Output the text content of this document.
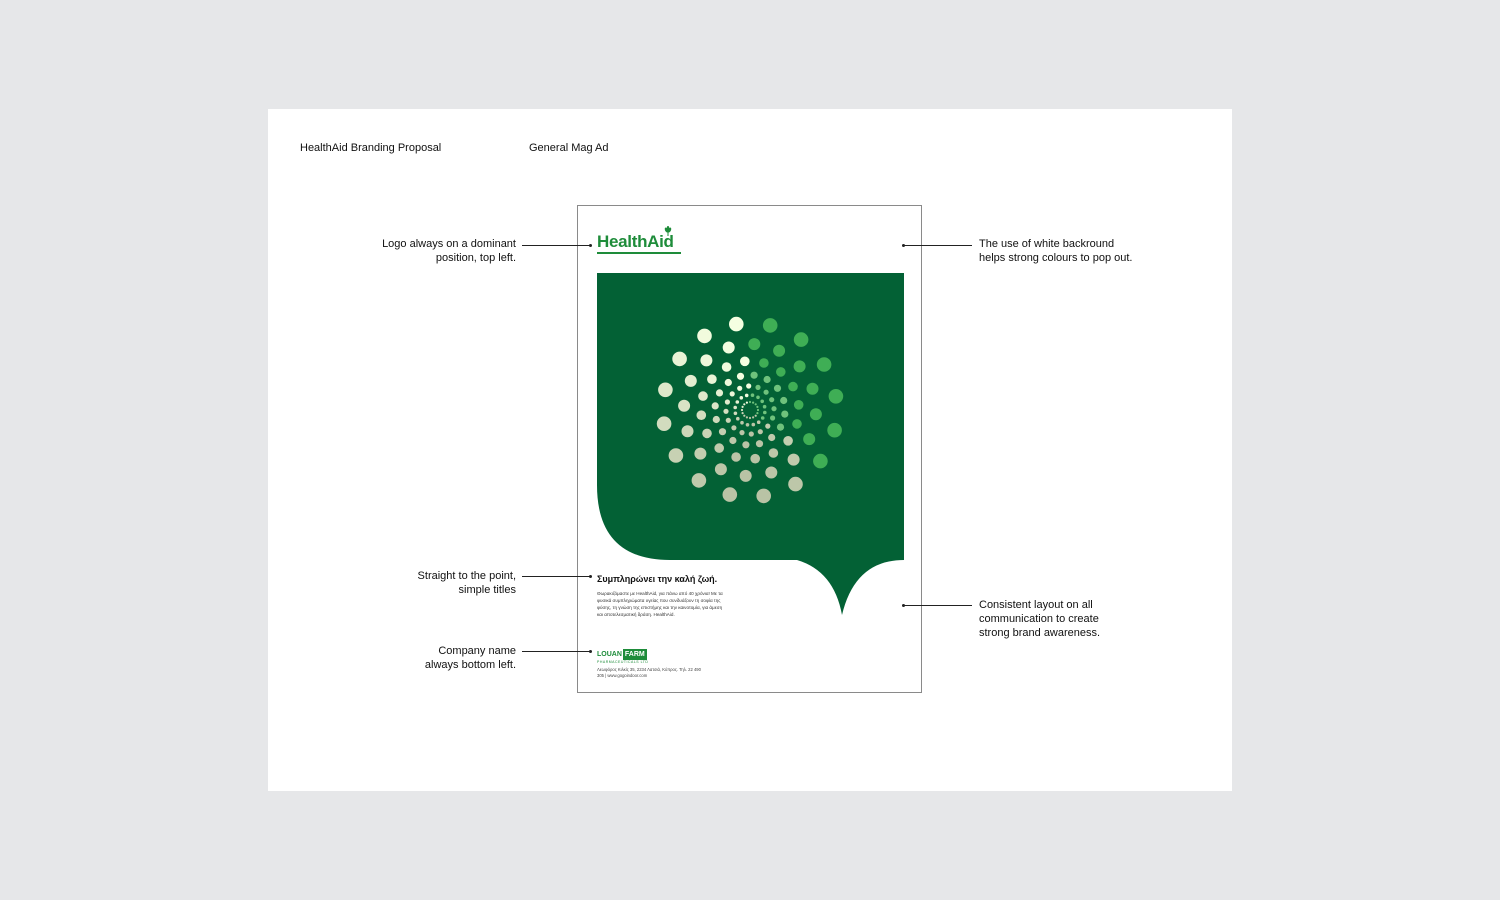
HealthAid Branding Proposal	General Mag Ad
HealthAid
Συμπληρώνει την καλή ζωή.
Θωρακιζόμαστε με HealthAid, για πάνω από 40 χρόνια! Με τα φυσικά συμπληρώματα υγείας που συνδυάζουν τη σοφία της φύσης, τη γνώση της επιστήμης και την καινοτομία, για άμεση και αποτελεσματική δράση. HealthAid.
LOUAN FARM
PHARMACEUTICALS LTD
Λεωφόρος Κιλκίς 35, 2234 Λατσιά, Κύπρος. Τηλ. 22 490 305 | www.gogoindoor.com
Logo always on a dominant
position, top left.
Straight to the point,
simple titles
Company name
always bottom left.
The use of white backround
helps strong colours to pop out.
Consistent layout on all
communication to create
strong brand awareness.
